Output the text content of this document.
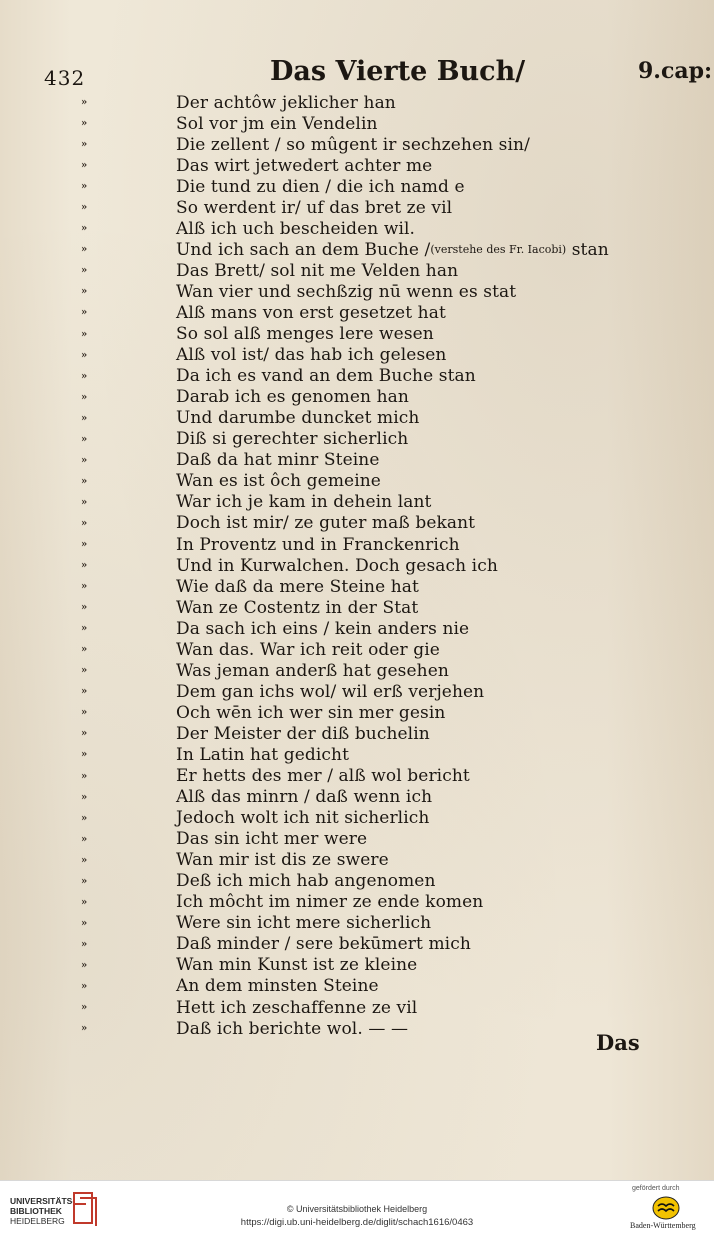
432	Das Vierte Buch/	9.cap:
»	Der achtôw jeklicher han
»	Sol vor jm ein Vendelin
»	Die zellent / so mûgent ir sechzehen sin/
»	Das wirt jetwedert achter me
»	Die tund zu dien / die ich namd e
»	So werdent ir/ uf das bret ze vil
»	Alß ich uch bescheiden wil.
»	Und ich sach an dem Buche / (verstehe des Fr. Iacobi) stan
»	Das Brett/ sol nit me Velden han
»	Wan vier und sechßzig nū wenn es stat
»	Alß mans von erst gesetzet hat
»	So sol alß menges lere wesen
»	Alß vol ist/ das hab ich gelesen
»	Da ich es vand an dem Buche stan
»	Darab ich es genomen han
»	Und darumbe duncket mich
»	Diß si gerechter sicherlich
»	Daß da hat minr Steine
»	Wan es ist ôch gemeine
»	War ich je kam in dehein lant
»	Doch ist mir/ ze guter maß bekant
»	In Proventz und in Franckenrich
»	Und in Kurwalchen. Doch gesach ich
»	Wie daß da mere Steine hat
»	Wan ze Costentz in der Stat
»	Da sach ich eins / kein anders nie
»	Wan das. War ich reit oder gie
»	Was jeman anderß hat gesehen
»	Dem gan ichs wol/ wil erß verjehen
»	Och wēn ich wer sin mer gesin
»	Der Meister der diß buchelin
»	In Latin hat gedicht
»	Er hetts des mer / alß wol bericht
»	Alß das minrn / daß wenn ich
»	Jedoch wolt ich nit sicherlich
»	Das sin icht mer were
»	Wan mir ist dis ze swere
»	Deß ich mich hab angenomen
»	Ich môcht im nimer ze ende komen
»	Were sin icht mere sicherlich
»	Daß minder / sere bekūmert mich
»	Wan min Kunst ist ze kleine
»	An dem minsten Steine
»	Hett ich zeschaffenne ze vil
»	Daß ich berichte wol. — —
Das
UNIVERSITÄTS-
BIBLIOTHEK
HEIDELBERG
© Universitätsbibliothek Heidelberg
https://digi.ub.uni-heidelberg.de/diglit/schach1616/0463
gefördert durch
Baden-Württemberg
